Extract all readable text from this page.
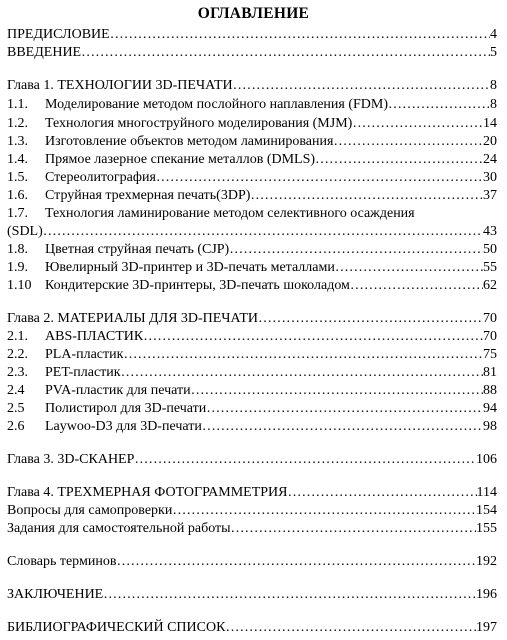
ОГЛАВЛЕНИЕ
ПРЕДИСЛОВИЕ …………………………………………………………………………………………………………………………………………………………………………	4
ВВЕДЕНИЕ …………………………………………………………………………………………………………………………………………………………………………	5
Глава 1. ТЕХНОЛОГИИ 3D-ПЕЧАТИ …………………………………………………………………………………………………………………………………………………………………………	8
1.1. Моделирование методом послойного наплавления (FDM) …………………………………………………………………………………………………………………………………………………………………………	8
1.2. Технология многоструйного моделирования (MJM) …………………………………………………………………………………………………………………………………………………………………………	14
1.3. Изготовление объектов методом ламинирования …………………………………………………………………………………………………………………………………………………………………………	20
1.4. Прямое лазерное спекание металлов (DMLS) …………………………………………………………………………………………………………………………………………………………………………	24
1.5. Стереолитография …………………………………………………………………………………………………………………………………………………………………………	30
1.6. Струйная трехмерная печать(3DP) …………………………………………………………………………………………………………………………………………………………………………	37
1.7. Технология ламинирование методом селективного осаждения
(SDL) …………………………………………………………………………………………………………………………………………………………………………	43
1.8. Цветная струйная печать (CJP) …………………………………………………………………………………………………………………………………………………………………………	50
1.9. Ювелирный 3D-принтер и 3D-печать металлами …………………………………………………………………………………………………………………………………………………………………………	55
1.10 Кондитерские 3D-принтеры, 3D-печать шоколадом …………………………………………………………………………………………………………………………………………………………………………	62
Глава 2. МАТЕРИАЛЫ ДЛЯ 3D-ПЕЧАТИ …………………………………………………………………………………………………………………………………………………………………………	70
2.1. ABS-ПЛАСТИК …………………………………………………………………………………………………………………………………………………………………………	70
2.2. PLA-пластик …………………………………………………………………………………………………………………………………………………………………………	75
2.3. PET-пластик …………………………………………………………………………………………………………………………………………………………………………	81
2.4 PVA-пластик для печати …………………………………………………………………………………………………………………………………………………………………………	88
2.5 Полистирол для 3D-печати …………………………………………………………………………………………………………………………………………………………………………	94
2.6 Laywoo-D3 для 3D-печати …………………………………………………………………………………………………………………………………………………………………………	98
Глава 3. 3D-СКАНЕР …………………………………………………………………………………………………………………………………………………………………………	106
Глава 4. ТРЕХМЕРНАЯ ФОТОГРАММЕТРИЯ …………………………………………………………………………………………………………………………………………………………………………	114
Вопросы для самопроверки …………………………………………………………………………………………………………………………………………………………………………	154
Задания для самостоятельной работы …………………………………………………………………………………………………………………………………………………………………………	155
Словарь терминов …………………………………………………………………………………………………………………………………………………………………………	192
ЗАКЛЮЧЕНИЕ …………………………………………………………………………………………………………………………………………………………………………	196
БИБЛИОГРАФИЧЕСКИЙ СПИСОК …………………………………………………………………………………………………………………………………………………………………………	197
